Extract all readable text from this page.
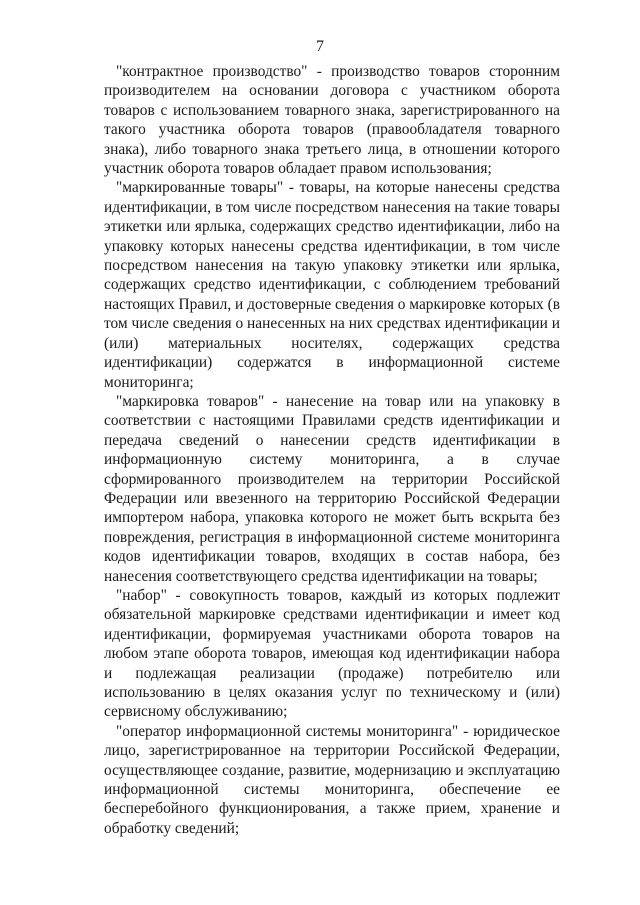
7

"контрактное производство" - производство товаров сторонним производителем на основании договора с участником оборота товаров с использованием товарного знака, зарегистрированного на такого участника оборота товаров (правообладателя товарного знака), либо товарного знака третьего лица, в отношении которого участник оборота товаров обладает правом использования;

"маркированные товары" - товары, на которые нанесены средства идентификации, в том числе посредством нанесения на такие товары этикетки или ярлыка, содержащих средство идентификации, либо на упаковку которых нанесены средства идентификации, в том числе посредством нанесения на такую упаковку этикетки или ярлыка, содержащих средство идентификации, с соблюдением требований настоящих Правил, и достоверные сведения о маркировке которых (в том числе сведения о нанесенных на них средствах идентификации и (или) материальных носителях, содержащих средства идентификации) содержатся в информационной системе мониторинга;

"маркировка товаров" - нанесение на товар или на упаковку в соответствии с настоящими Правилами средств идентификации и передача сведений о нанесении средств идентификации в информационную систему мониторинга, а в случае сформированного производителем на территории Российской Федерации или ввезенного на территорию Российской Федерации импортером набора, упаковка которого не может быть вскрыта без повреждения, регистрация в информационной системе мониторинга кодов идентификации товаров, входящих в состав набора, без нанесения соответствующего средства идентификации на товары;

"набор" - совокупность товаров, каждый из которых подлежит обязательной маркировке средствами идентификации и имеет код идентификации, формируемая участниками оборота товаров на любом этапе оборота товаров, имеющая код идентификации набора и подлежащая реализации (продаже) потребителю или использованию в целях оказания услуг по техническому и (или) сервисному обслуживанию;

"оператор информационной системы мониторинга" - юридическое лицо, зарегистрированное на территории Российской Федерации, осуществляющее создание, развитие, модернизацию и эксплуатацию информационной системы мониторинга, обеспечение ее бесперебойного функционирования, а также прием, хранение и обработку сведений;
